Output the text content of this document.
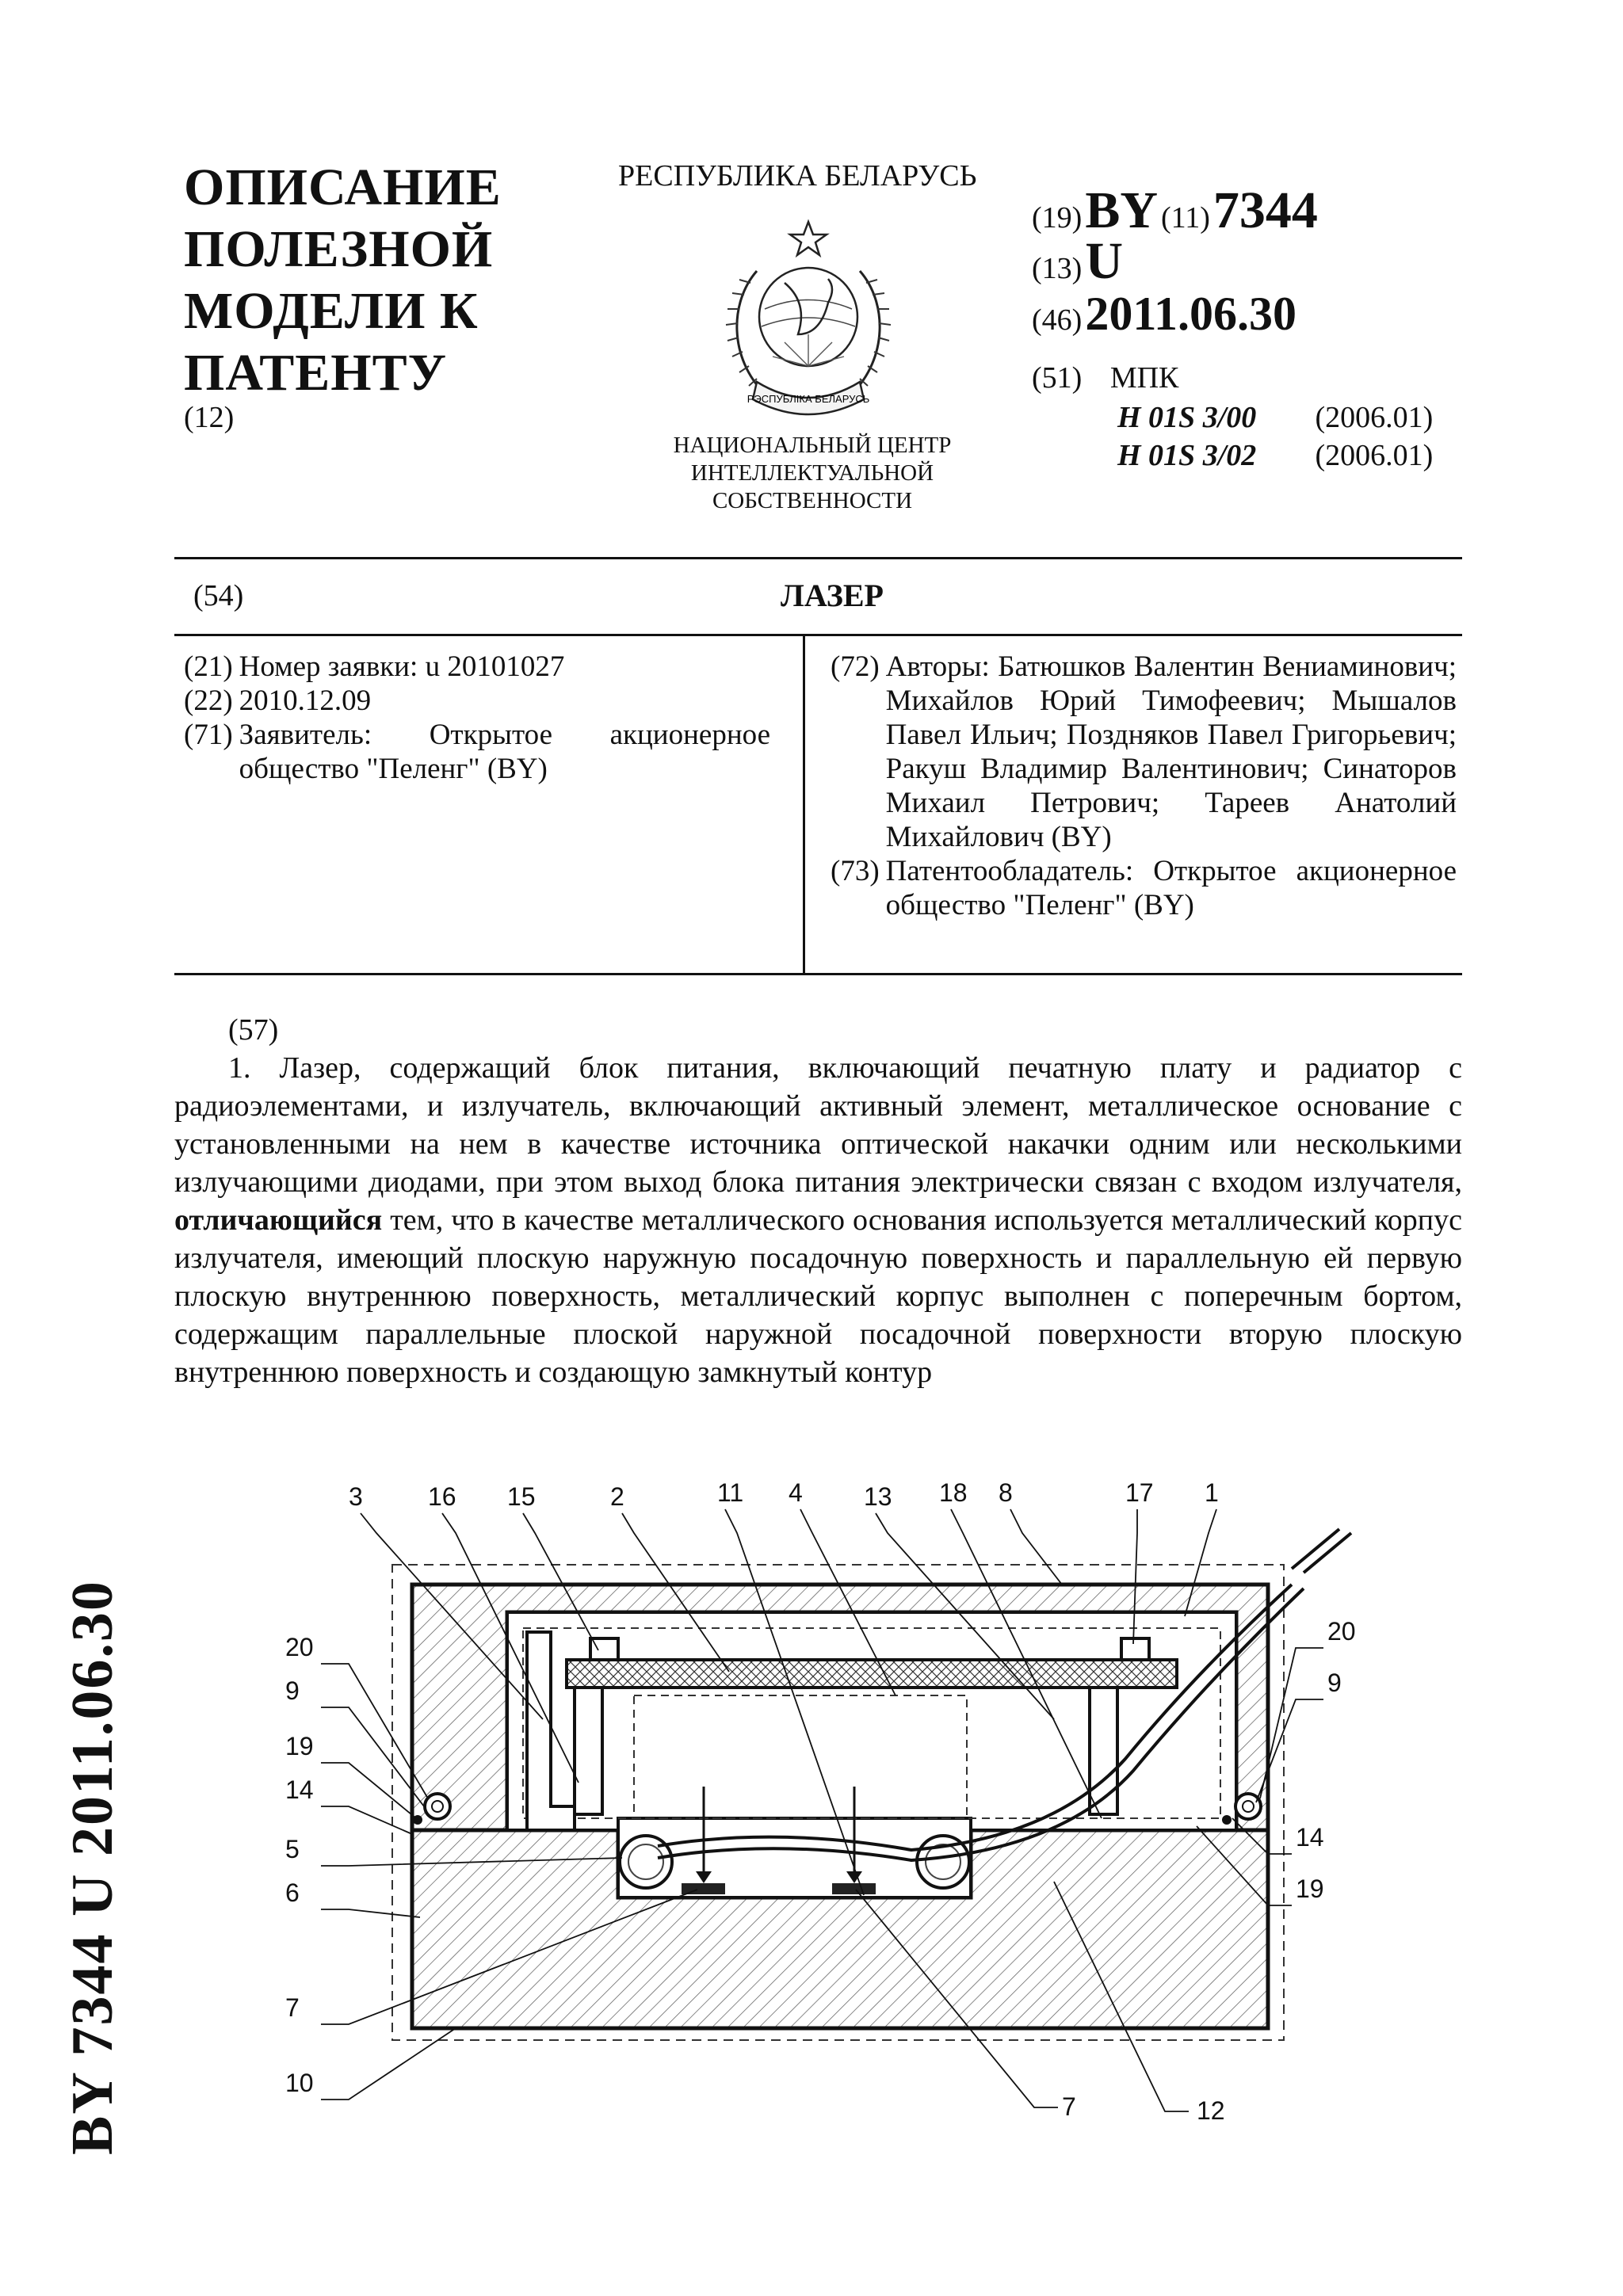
ОПИСАНИЕ
ПОЛЕЗНОЙ
МОДЕЛИ К
ПАТЕНТУ
(12)
РЕСПУБЛИКА БЕЛАРУСЬ
РЭСПУБЛІКА БЕЛАРУСЬ
НАЦИОНАЛЬНЫЙ ЦЕНТР
ИНТЕЛЛЕКТУАЛЬНОЙ
СОБСТВЕННОСТИ
(19) BY (11) 7344
(13) U
(46) 2011.06.30
(51) МПК
H 01S 3/00 (2006.01)
H 01S 3/02 (2006.01)
(54)	ЛАЗЕР
(21) Номер заявки: u 20101027
(22) 2010.12.09
(71) Заявитель: Открытое акционерное общество "Пеленг" (BY)
(72) Авторы: Батюшков Валентин Вениаминович; Михайлов Юрий Тимофеевич; Мышалов Павел Ильич; Поздняков Павел Григорьевич; Ракуш Владимир Валентинович; Синаторов Михаил Петрович; Тареев Анатолий Михайлович (BY)
(73) Патентообладатель: Открытое акционерное общество "Пеленг" (BY)
(57)

1. Лазер, содержащий блок питания, включающий печатную плату и радиатор с радиоэлементами, и излучатель, включающий активный элемент, металлическое основание с установленными на нем в качестве источника оптической накачки одним или несколькими излучающими диодами, при этом выход блока питания электрически связан с входом излучателя, отличающийся тем, что в качестве металлического основания используется металлический корпус излучателя, имеющий плоскую наружную посадочную поверхность и параллельную ей первую плоскую внутреннюю поверхность, металлический корпус выполнен с поперечным бортом, содержащим параллельные плоской наружной посадочной поверхности вторую плоскую внутреннюю поверхность и создающую замкнутый контур

BY 7344 U 2011.06.30
3	16 15	2	11 4 13 18 8	17 1
20
9
19
14
5
6
7
10
20
9
14
19
12
7
